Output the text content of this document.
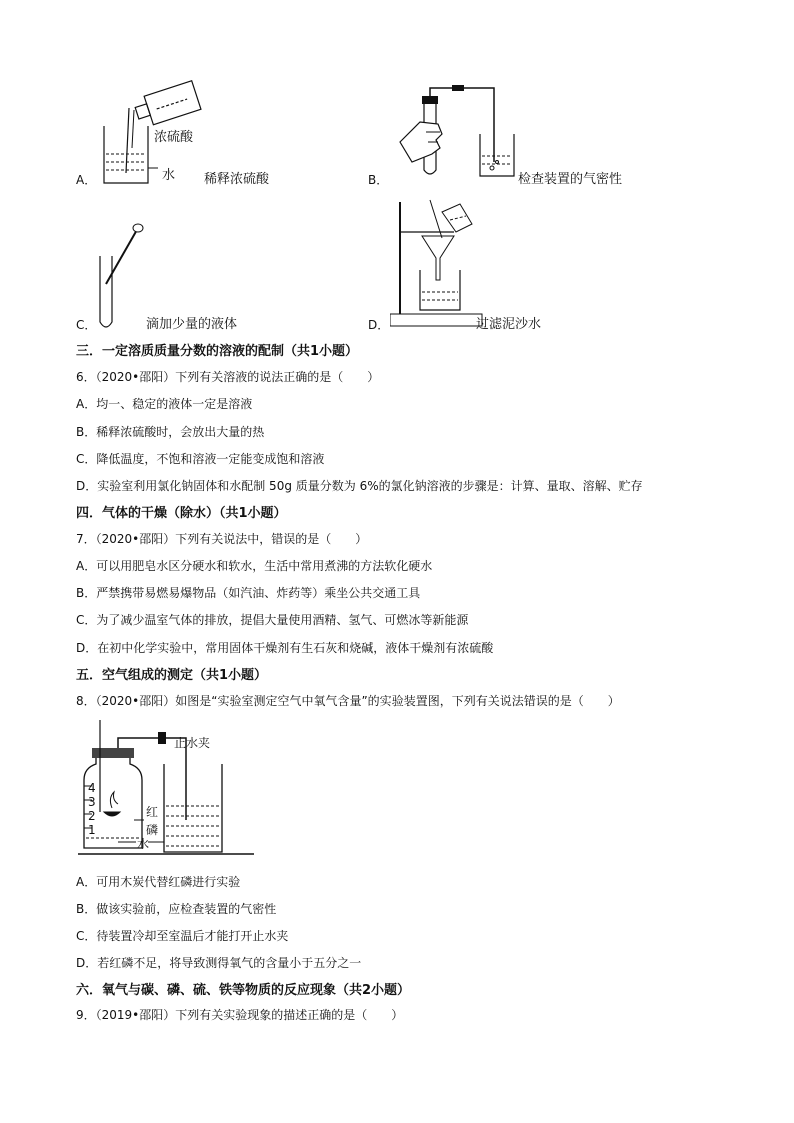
A．
浓硫酸
水 稀释浓硫酸	B．	检查装置的气密性
C．	滴加少量的液体	D．	过滤泥沙水
三．一定溶质质量分数的溶液的配制（共1小题）
6．（2020•邵阳）下列有关溶液的说法正确的是（　　）
A．均一、稳定的液体一定是溶液
B．稀释浓硫酸时，会放出大量的热
C．降低温度，不饱和溶液一定能变成饱和溶液
D．实验室利用氯化钠固体和水配制 50g 质量分数为 6%的氯化钠溶液的步骤是：计算、量取、溶解、贮存
四．气体的干燥（除水）（共1小题）
7．（2020•邵阳）下列有关说法中，错误的是（　　）
A．可以用肥皂水区分硬水和软水，生活中常用煮沸的方法软化硬水
B．严禁携带易燃易爆物品（如汽油、炸药等）乘坐公共交通工具
C．为了减少温室气体的排放，提倡大量使用酒精、氢气、可燃冰等新能源
D．在初中化学实验中，常用固体干燥剂有生石灰和烧碱，液体干燥剂有浓硫酸
五．空气组成的测定（共1小题）
8．（2020•邵阳）如图是“实验室测定空气中氧气含量”的实验装置图，下列有关说法错误的是（　　）
止水夹
4
3
2
1
红
磷
水
A．可用木炭代替红磷进行实验
B．做该实验前，应检查装置的气密性
C．待装置冷却至室温后才能打开止水夹
D．若红磷不足，将导致测得氧气的含量小于五分之一
六．氧气与碳、磷、硫、铁等物质的反应现象（共2小题）
9．（2019•邵阳）下列有关实验现象的描述正确的是（　　）
